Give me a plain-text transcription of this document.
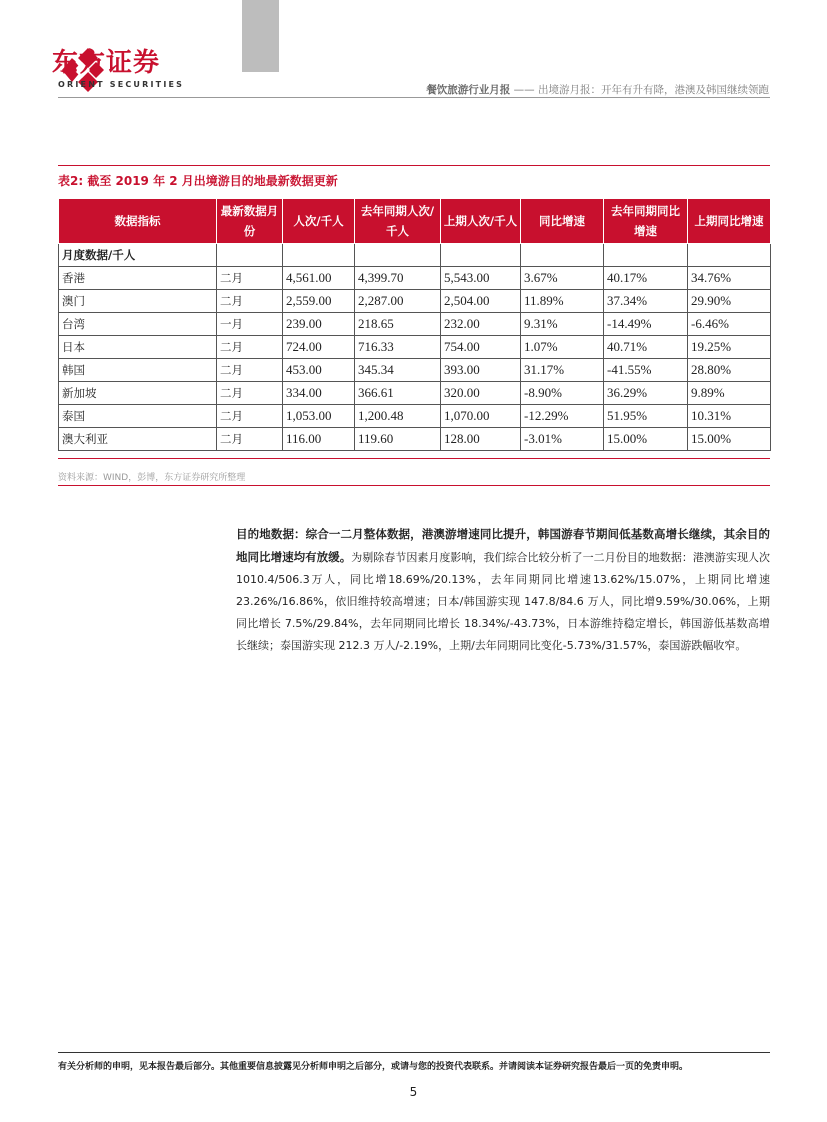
东方证券
ORIENT SECURITIES	餐饮旅游行业月报 —— 出境游月报：开年有升有降，港澳及韩国继续领跑
表2: 截至 2019 年 2 月出境游目的地最新数据更新
数据指标	最新数据月份	人次/千人	去年同期人次/千人	上期人次/千人	同比增速	去年同期同比增速	上期同比增速
月度数据/千人							
香港	二月	4,561.00	4,399.70	5,543.00	3.67%	40.17%	34.76%
澳门	二月	2,559.00	2,287.00	2,504.00	11.89%	37.34%	29.90%
台湾	一月	239.00	218.65	232.00	9.31%	-14.49%	-6.46%
日本	二月	724.00	716.33	754.00	1.07%	40.71%	19.25%
韩国	二月	453.00	345.34	393.00	31.17%	-41.55%	28.80%
新加坡	二月	334.00	366.61	320.00	-8.90%	36.29%	9.89%
泰国	二月	1,053.00	1,200.48	1,070.00	-12.29%	51.95%	10.31%
澳大利亚	二月	116.00	119.60	128.00	-3.01%	15.00%	15.00%
资料来源：WIND，彭博，东方证券研究所整理
目的地数据：综合一二月整体数据，港澳游增速同比提升，韩国游春节期间低基数高增长继续，其余目的地同比增速均有放缓。为剔除春节因素月度影响，我们综合比较分析了一二月份目的地数据：港澳游实现人次 1010.4/506.3万人，同比增18.69%/20.13%，去年同期同比增速13.62%/15.07%，上期同比增速 23.26%/16.86%，依旧维持较高增速；日本/韩国游实现 147.8/84.6 万人，同比增9.59%/30.06%，上期同比增长 7.5%/29.84%，去年同期同比增长 18.34%/-43.73%，日本游维持稳定增长，韩国游低基数高增长继续；泰国游实现 212.3 万人/-2.19%，上期/去年同期同比变化-5.73%/31.57%，泰国游跌幅收窄。
有关分析师的申明，见本报告最后部分。其他重要信息披露见分析师申明之后部分，或请与您的投资代表联系。并请阅读本证券研究报告最后一页的免责申明。
5
